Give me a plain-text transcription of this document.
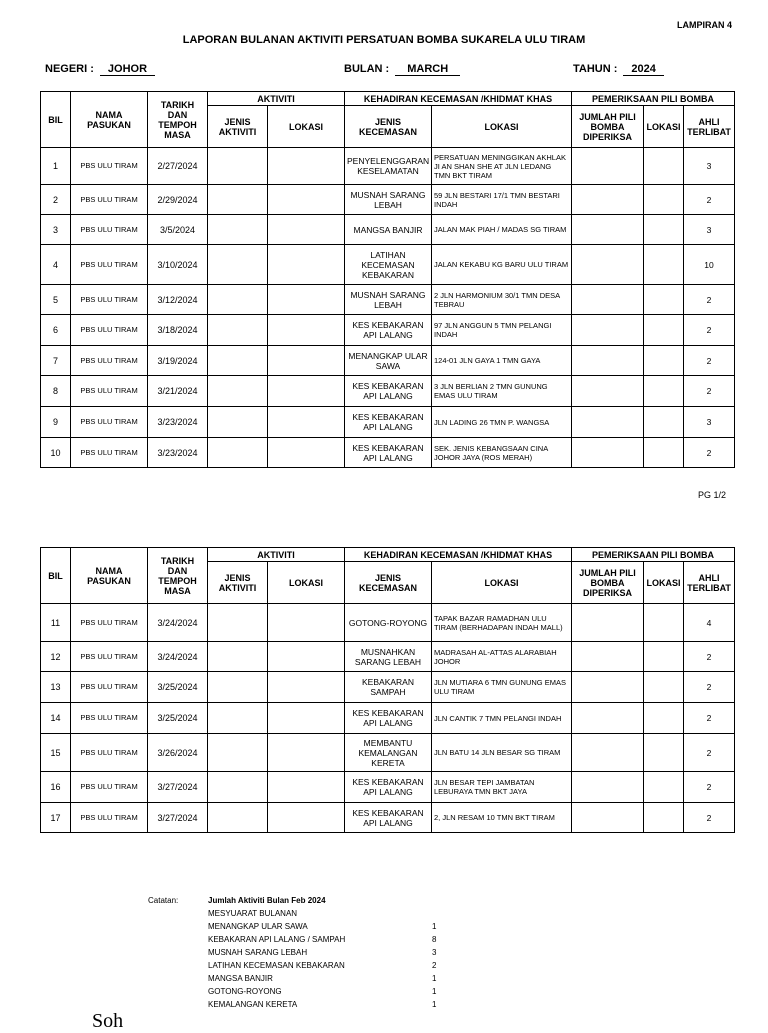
LAMPIRAN 4
LAPORAN BULANAN AKTIVITI PERSATUAN BOMBA SUKARELA ULU TIRAM
NEGERI : JOHOR	BULAN : MARCH	TAHUN : 2024
BIL	NAMA PASUKAN	TARIKH DAN TEMPOH MASA	AKTIVITI		KEHADIRAN KECEMASAN /KHIDMAT KHAS		PEMERIKSAAN PILI BOMBA		
			JENIS AKTIVITI	LOKASI	JENIS KECEMASAN	LOKASI	JUMLAH PILI BOMBA DIPERIKSA	LOKASI	AHLI TERLIBAT
1	PBS ULU TIRAM	2/27/2024			PENYELENGGARAN KESELAMATAN	PERSATUAN MENINGGIKAN AKHLAK JI AN SHAN SHE AT JLN LEDANG TMN BKT TIRAM			3
2	PBS ULU TIRAM	2/29/2024			MUSNAH SARANG LEBAH	59 JLN BESTARI 17/1 TMN BESTARI INDAH			2
3	PBS ULU TIRAM	3/5/2024			MANGSA BANJIR	JALAN MAK PIAH / MADAS SG TIRAM			3
4	PBS ULU TIRAM	3/10/2024			LATIHAN KECEMASAN KEBAKARAN	JALAN KEKABU KG BARU ULU TIRAM			10
5	PBS ULU TIRAM	3/12/2024			MUSNAH SARANG LEBAH	2 JLN HARMONIUM 30/1 TMN DESA TEBRAU			2
6	PBS ULU TIRAM	3/18/2024			KES KEBAKARAN API LALANG	97 JLN ANGGUN 5 TMN PELANGI INDAH			2
7	PBS ULU TIRAM	3/19/2024			MENANGKAP ULAR SAWA	124-01 JLN GAYA 1 TMN GAYA			2
8	PBS ULU TIRAM	3/21/2024			KES KEBAKARAN API LALANG	3 JLN BERLIAN 2 TMN GUNUNG EMAS ULU TIRAM			2
9	PBS ULU TIRAM	3/23/2024			KES KEBAKARAN API LALANG	JLN LADING 26 TMN P. WANGSA			3
10	PBS ULU TIRAM	3/23/2024			KES KEBAKARAN API LALANG	SEK. JENIS KEBANGSAAN CINA JOHOR JAYA (ROS MERAH)			2
PG 1/2
BIL	NAMA PASUKAN	TARIKH DAN TEMPOH MASA	AKTIVITI		KEHADIRAN KECEMASAN /KHIDMAT KHAS		PEMERIKSAAN PILI BOMBA		
			JENIS AKTIVITI	LOKASI	JENIS KECEMASAN	LOKASI	JUMLAH PILI BOMBA DIPERIKSA	LOKASI	AHLI TERLIBAT
11	PBS ULU TIRAM	3/24/2024			GOTONG-ROYONG	TAPAK BAZAR RAMADHAN ULU TIRAM (BERHADAPAN INDAH MALL)			4
12	PBS ULU TIRAM	3/24/2024			MUSNAHKAN SARANG LEBAH	MADRASAH AL-ATTAS ALARABIAH JOHOR			2
13	PBS ULU TIRAM	3/25/2024			KEBAKARAN SAMPAH	JLN MUTIARA 6 TMN GUNUNG EMAS ULU TIRAM			2
14	PBS ULU TIRAM	3/25/2024			KES KEBAKARAN API LALANG	JLN CANTIK 7 TMN PELANGI INDAH			2
15	PBS ULU TIRAM	3/26/2024			MEMBANTU KEMALANGAN KERETA	JLN BATU 14 JLN BESAR SG TIRAM			2
16	PBS ULU TIRAM	3/27/2024			KES KEBAKARAN API LALANG	JLN BESAR TEPI JAMBATAN LEBURAYA TMN BKT JAYA			2
17	PBS ULU TIRAM	3/27/2024			KES KEBAKARAN API LALANG	2, JLN RESAM 10 TMN BKT TIRAM			2
Catatan:	Jumlah Aktiviti Bulan Feb 2024
MESYUARAT BULANAN
MENANGKAP ULAR SAWA	1
KEBAKARAN API LALANG / SAMPAH	8
MUSNAH SARANG LEBAH	3
LATIHAN KECEMASAN KEBAKARAN	2
MANGSA BANJIR	1
GOTONG-ROYONG	1
KEMALANGAN KERETA	1
Soh
